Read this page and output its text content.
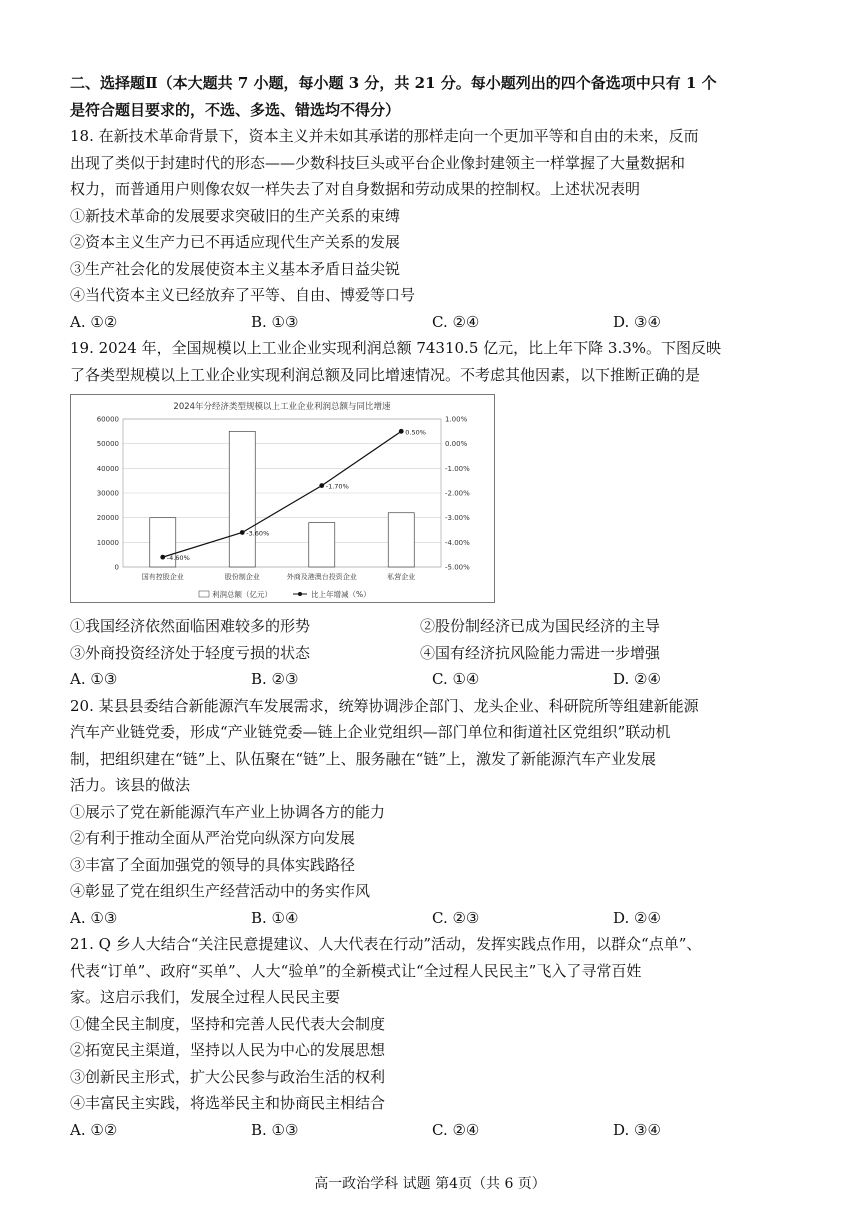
二、选择题Ⅱ（本大题共 7 小题，每小题 3 分，共 21 分。每小题列出的四个备选项中只有 1 个
是符合题目要求的，不选、多选、错选均不得分）
18. 在新技术革命背景下，资本主义并未如其承诺的那样走向一个更加平等和自由的未来，反而
出现了类似于封建时代的形态——少数科技巨头或平台企业像封建领主一样掌握了大量数据和
权力，而普通用户则像农奴一样失去了对自身数据和劳动成果的控制权。上述状况表明
①新技术革命的发展要求突破旧的生产关系的束缚
②资本主义生产力已不再适应现代生产关系的发展
③生产社会化的发展使资本主义基本矛盾日益尖锐
④当代资本主义已经放弃了平等、自由、博爱等口号
A. ①②	B. ①③	C. ②④	D. ③④
19. 2024 年，全国规模以上工业企业实现利润总额 74310.5 亿元，比上年下降 3.3%。下图反映
了各类型规模以上工业企业实现利润总额及同比增速情况。不考虑其他因素，以下推断正确的是
2024年分经济类型规模以上工业企业利润总额与同比增速
-4.60%
-3.60%
-1.70%
0.50%
0
10000
20000
30000
40000
50000
60000
-5.00%
-4.00%
-3.00%
-2.00%
-1.00%
0.00%
1.00%
国有控股企业	股份制企业	外商及港澳台投资企业	私营企业
利润总额（亿元）	比上年增减（%）
①我国经济依然面临困难较多的形势	②股份制经济已成为国民经济的主导
③外商投资经济处于轻度亏损的状态	④国有经济抗风险能力需进一步增强
A. ①③	B. ②③	C. ①④	D. ②④
20. 某县县委结合新能源汽车发展需求，统筹协调涉企部门、龙头企业、科研院所等组建新能源
汽车产业链党委，形成“产业链党委—链上企业党组织—部门单位和街道社区党组织”联动机
制，把组织建在“链”上、队伍聚在“链”上、服务融在“链”上，激发了新能源汽车产业发展
活力。该县的做法
①展示了党在新能源汽车产业上协调各方的能力
②有利于推动全面从严治党向纵深方向发展
③丰富了全面加强党的领导的具体实践路径
④彰显了党在组织生产经营活动中的务实作风
A. ①③	B. ①④	C. ②③	D. ②④
21. Q 乡人大结合“关注民意提建议、人大代表在行动”活动，发挥实践点作用，以群众“点单”、
代表“订单”、政府“买单”、人大“验单”的全新模式让“全过程人民民主”飞入了寻常百姓
家。这启示我们，发展全过程人民民主要
①健全民主制度，坚持和完善人民代表大会制度
②拓宽民主渠道，坚持以人民为中心的发展思想
③创新民主形式，扩大公民参与政治生活的权利
④丰富民主实践，将选举民主和协商民主相结合
A. ①②	B. ①③	C. ②④	D. ③④
高一政治学科 试题 第4页（共 6 页）
